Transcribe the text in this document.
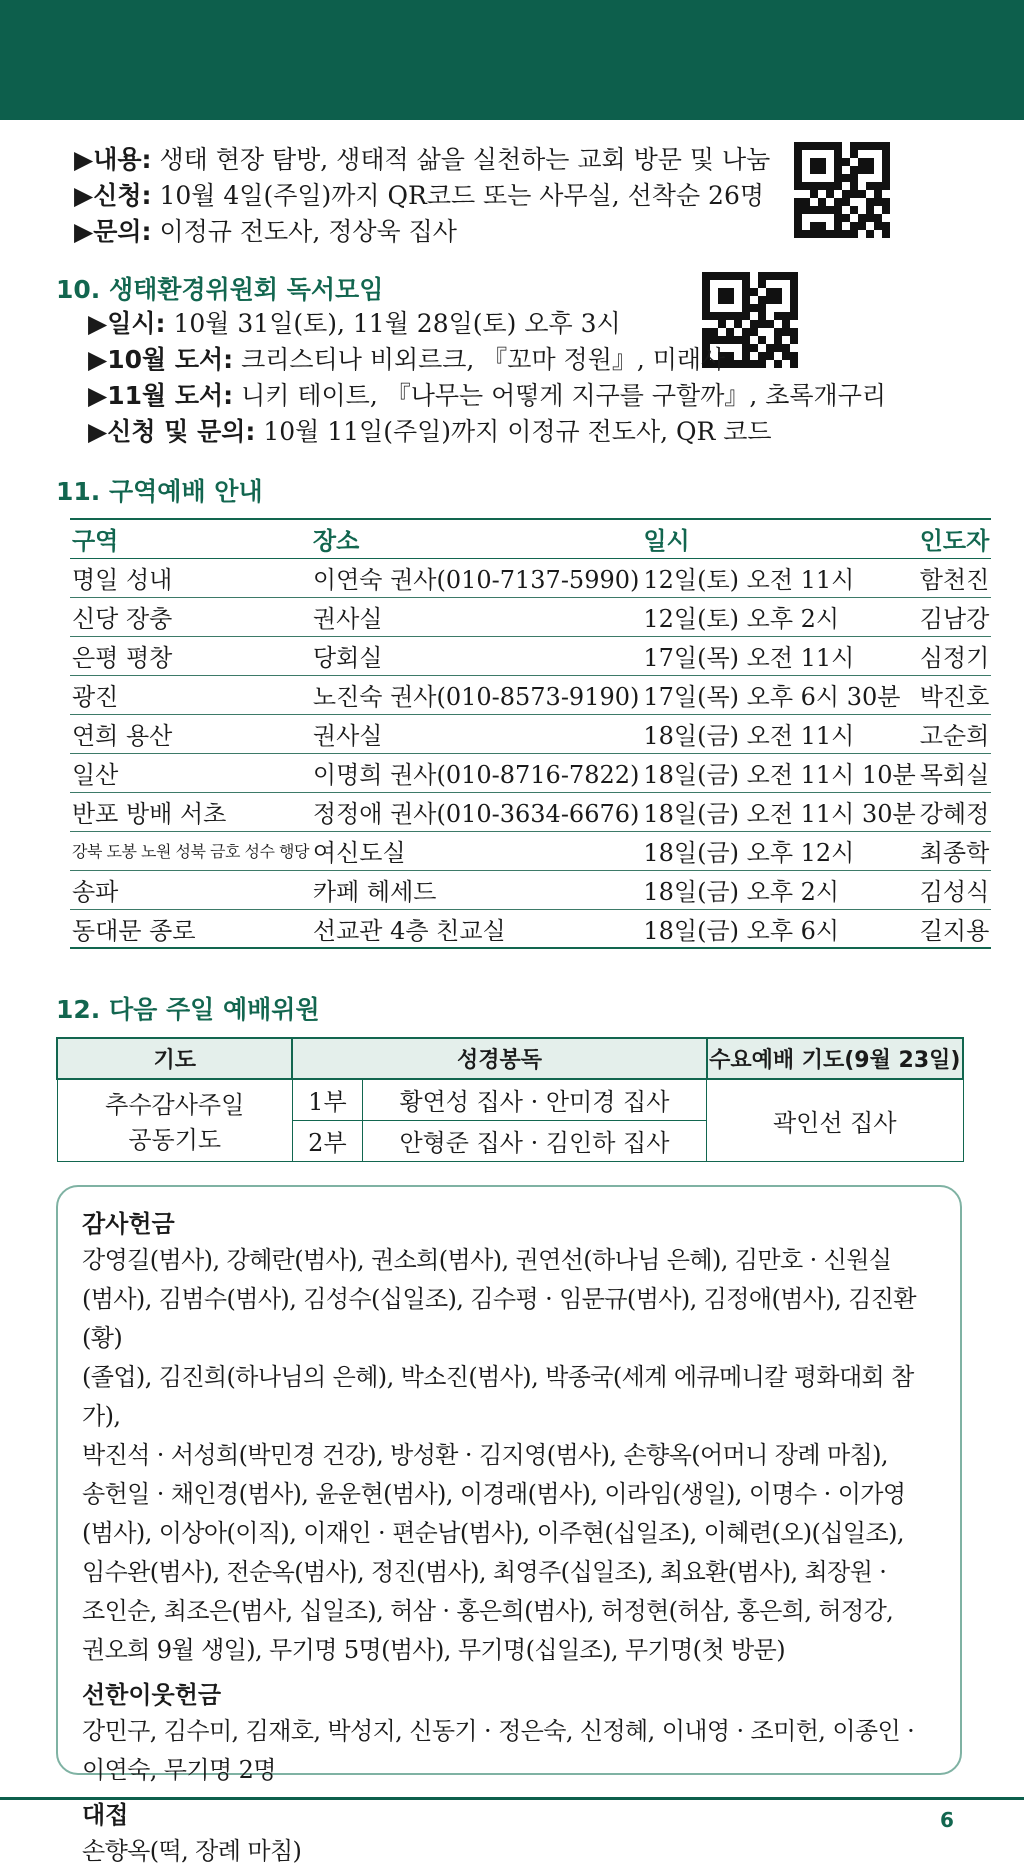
▶내용: 생태 현장 탐방, 생태적 삶을 실천하는 교회 방문 및 나눔
▶신청: 10월 4일(주일)까지 QR코드 또는 사무실, 선착순 26명
▶문의: 이정규 전도사, 정상욱 집사
10. 생태환경위원회 독서모임
▶일시: 10월 31일(토), 11월 28일(토) 오후 3시
▶10월 도서: 크리스티나 비외르크, 『꼬마 정원』, 미래사
▶11월 도서: 니키 테이트, 『나무는 어떻게 지구를 구할까』, 초록개구리
▶신청 및 문의: 10월 11일(주일)까지 이정규 전도사, QR 코드
11. 구역예배 안내
구역	장소	일시	인도자
명일 성내	이연숙 권사(010-7137-5990)	12일(토) 오전 11시	함천진
신당 장충	권사실	12일(토) 오후 2시	김남강
은평 평창	당회실	17일(목) 오전 11시	심정기
광진	노진숙 권사(010-8573-9190)	17일(목) 오후 6시 30분	박진호
연희 용산	권사실	18일(금) 오전 11시	고순희
일산	이명희 권사(010-8716-7822)	18일(금) 오전 11시 10분	목회실
반포 방배 서초	정정애 권사(010-3634-6676)	18일(금) 오전 11시 30분	강혜정
강북 도봉 노원 성북 금호 성수 행당	여신도실	18일(금) 오후 12시	최종학
송파	카페 헤세드	18일(금) 오후 2시	김성식
동대문 종로	선교관 4층 친교실	18일(금) 오후 6시	길지용
12. 다음 주일 예배위원
기도	성경봉독		수요예배 기도(9월 23일)

추수감사주일
공동기도	1부	황연성 집사 · 안미경 집사	곽인선 집사
	2부	안형준 집사 · 김인하 집사	
감사헌금

강영길(범사), 강혜란(범사), 권소희(범사), 권연선(하나님 은혜), 김만호 · 신원실

(범사), 김범수(범사), 김성수(십일조), 김수평 · 임문규(범사), 김정애(범사), 김진환(황)

(졸업), 김진희(하나님의 은혜), 박소진(범사), 박종국(세계 에큐메니칼 평화대회 참가),

박진석 · 서성희(박민경 건강), 방성환 · 김지영(범사), 손향옥(어머니 장례 마침),

송헌일 · 채인경(범사), 윤운현(범사), 이경래(범사), 이라임(생일), 이명수 · 이가영

(범사), 이상아(이직), 이재인 · 편순남(범사), 이주현(십일조), 이혜련(오)(십일조),

임수완(범사), 전순옥(범사), 정진(범사), 최영주(십일조), 최요환(범사), 최장원 ·

조인순, 최조은(범사, 십일조), 허삼 · 홍은희(범사), 허정현(허삼, 홍은희, 허정강,

권오희 9월 생일), 무기명 5명(범사), 무기명(십일조), 무기명(첫 방문)

선한이웃헌금

강민구, 김수미, 김재호, 박성지, 신동기 · 정은숙, 신정혜, 이내영 · 조미헌, 이종인 ·

이연숙, 무기명 2명

대접

손향옥(떡, 장례 마침)

6
